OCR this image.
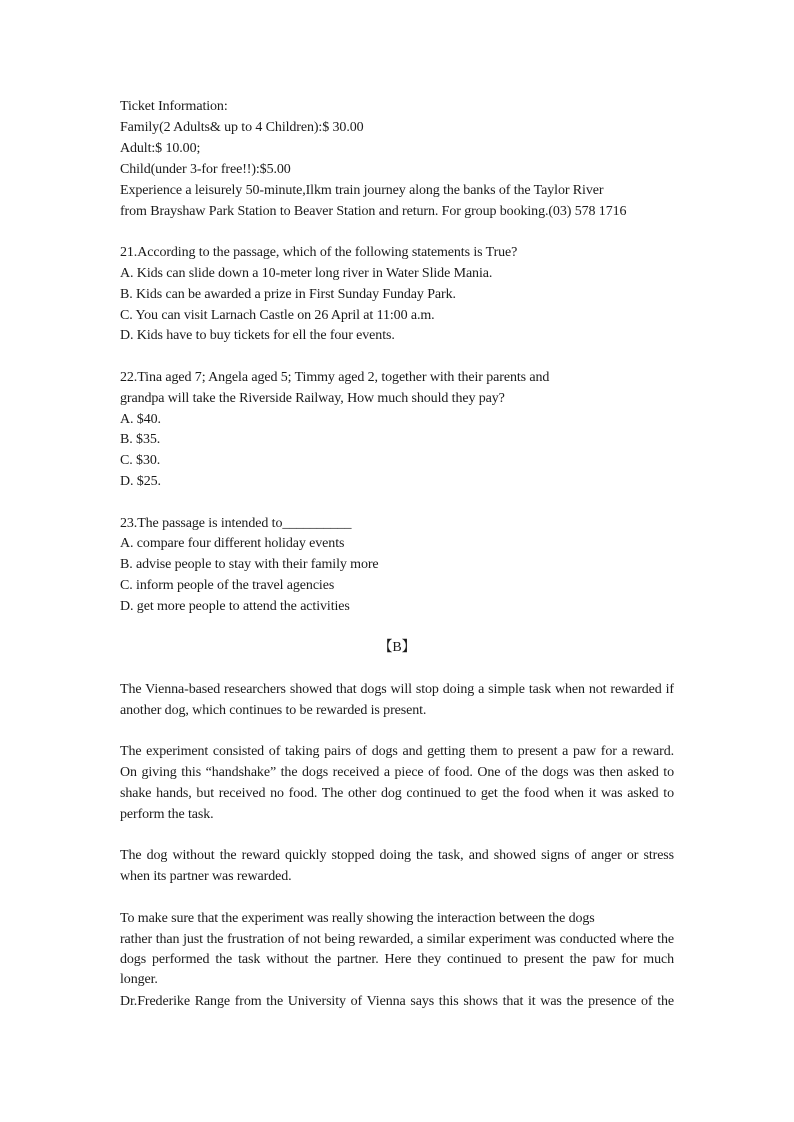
Ticket Information:
Family(2 Adults& up to 4 Children):$ 30.00
Adult:$ 10.00;
Child(under 3-for free!!):$5.00
Experience a leisurely 50-minute,Ilkm train journey along the banks of the Taylor River
from Brayshaw Park Station to Beaver Station and return. For group booking.(03) 578 1716
21.According to the passage, which of the following statements is True?
A. Kids can slide down a 10-meter long river in Water Slide Mania.
B. Kids can be awarded a prize in First Sunday Funday Park.
C. You can visit Larnach Castle on 26 April at 11:00 a.m.
D. Kids have to buy tickets for ell the four events.
22.Tina aged 7; Angela aged 5; Timmy aged 2, together with their parents and
grandpa will take the Riverside Railway, How much should they pay?
A. $40.
B. $35.
C. $30.
D. $25.
23.The passage is intended to__________
A. compare four different holiday events
B. advise people to stay with their family more
C. inform people of the travel agencies
D. get more people to attend the activities
【B】
The Vienna-based researchers showed that dogs will stop doing a simple task when not rewarded if
another dog, which continues to be rewarded is present.
The experiment consisted of taking pairs of dogs and getting them to present a paw for a reward.
On giving this “handshake” the dogs received a piece of food. One of the dogs was then asked to
shake hands, but received no food. The other dog continued to get the food when it was asked to
perform the task.
The dog without the reward quickly stopped doing the task, and showed signs of anger or stress
when its partner was rewarded.
To make sure that the experiment was really showing the interaction between the dogs
rather than just the frustration of not being rewarded, a similar experiment was conducted where the
dogs performed the task without the partner. Here they continued to present the paw for much longer.
Dr.Frederike Range from the University of Vienna says this shows that it was the presence of the
